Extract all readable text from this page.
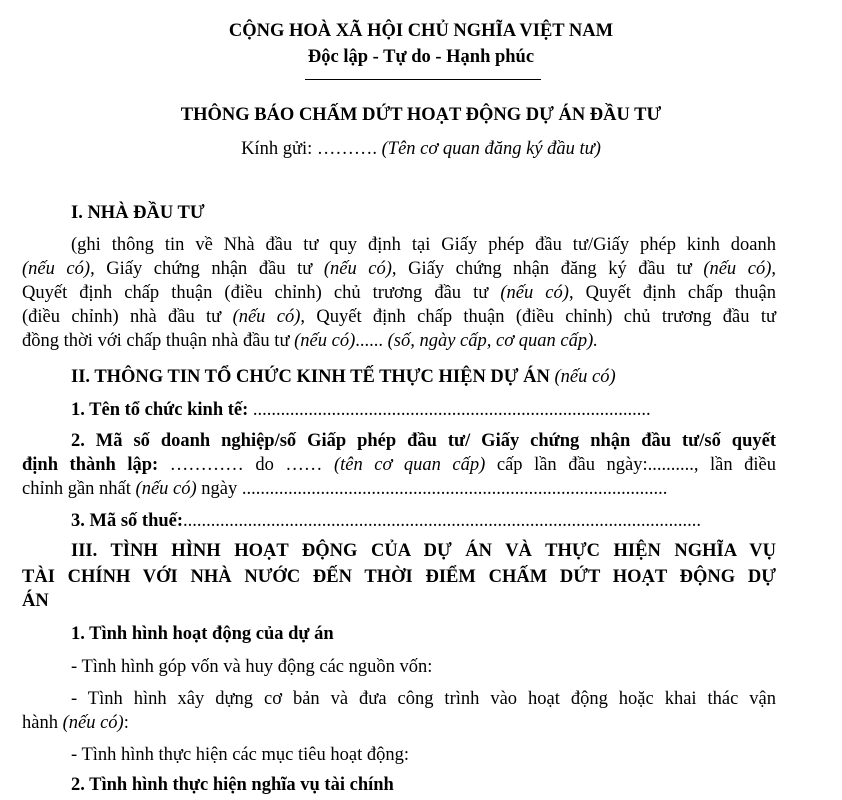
CỘNG HOÀ XÃ HỘI CHỦ NGHĨA VIỆT NAM

Độc lập - Tự do - Hạnh phúc

THÔNG BÁO CHẤM DỨT HOẠT ĐỘNG DỰ ÁN ĐẦU TƯ

Kính gửi: ………. (Tên cơ quan đăng ký đầu tư)

I. NHÀ ĐẦU TƯ

(ghi thông tin về Nhà đầu tư quy định tại Giấy phép đầu tư/Giấy phép kinh doanh

(nếu có), Giấy chứng nhận đầu tư (nếu có), Giấy chứng nhận đăng ký đầu tư (nếu có),

Quyết định chấp thuận (điều chỉnh) chủ trương đầu tư (nếu có), Quyết định chấp thuận

(điều chỉnh) nhà đầu tư (nếu có), Quyết định chấp thuận (điều chỉnh) chủ trương đầu tư

đồng thời với chấp thuận nhà đầu tư (nếu có)...... (số, ngày cấp, cơ quan cấp).

II. THÔNG TIN TỔ CHỨC KINH TẾ THỰC HIỆN DỰ ÁN (nếu có)

1. Tên tổ chức kinh tế: ......................................................................................

2. Mã số doanh nghiệp/số Giấp phép đầu tư/ Giấy chứng nhận đầu tư/số quyết

định thành lập: ………… do …… (tên cơ quan cấp) cấp lần đầu ngày:.........., lần điều

chỉnh gần nhất (nếu có) ngày ............................................................................................

3. Mã số thuế:................................................................................................................

III. TÌNH HÌNH HOẠT ĐỘNG CỦA DỰ ÁN VÀ THỰC HIỆN NGHĨA VỤ

TÀI CHÍNH VỚI NHÀ NƯỚC ĐẾN THỜI ĐIỂM CHẤM DỨT HOẠT ĐỘNG DỰ

ÁN

1. Tình hình hoạt động của dự án

- Tình hình góp vốn và huy động các nguồn vốn:

- Tình hình xây dựng cơ bản và đưa công trình vào hoạt động hoặc khai thác vận

hành (nếu có):

- Tình hình thực hiện các mục tiêu hoạt động:

2. Tình hình thực hiện nghĩa vụ tài chính
